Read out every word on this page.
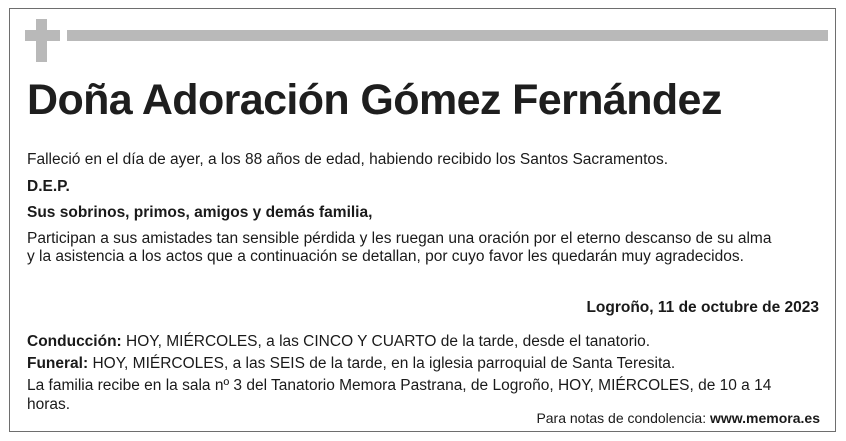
Doña Adoración Gómez Fernández
Falleció en el día de ayer, a los 88 años de edad, habiendo recibido los Santos Sacramentos.
D.E.P.
Sus sobrinos, primos, amigos y demás familia,
Participan a sus amistades tan sensible pérdida y les ruegan una oración por el eterno descanso de su alma
y la asistencia a los actos que a continuación se detallan, por cuyo favor les quedarán muy agradecidos.
Logroño, 11 de octubre de 2023
Conducción: HOY, MIÉRCOLES, a las CINCO Y CUARTO de la tarde, desde el tanatorio.
Funeral: HOY, MIÉRCOLES, a las SEIS de la tarde, en la iglesia parroquial de Santa Teresita.
La familia recibe en la sala nº 3 del Tanatorio Memora Pastrana, de Logroño, HOY, MIÉRCOLES, de 10 a 14
horas.
Para notas de condolencia: www.memora.es
